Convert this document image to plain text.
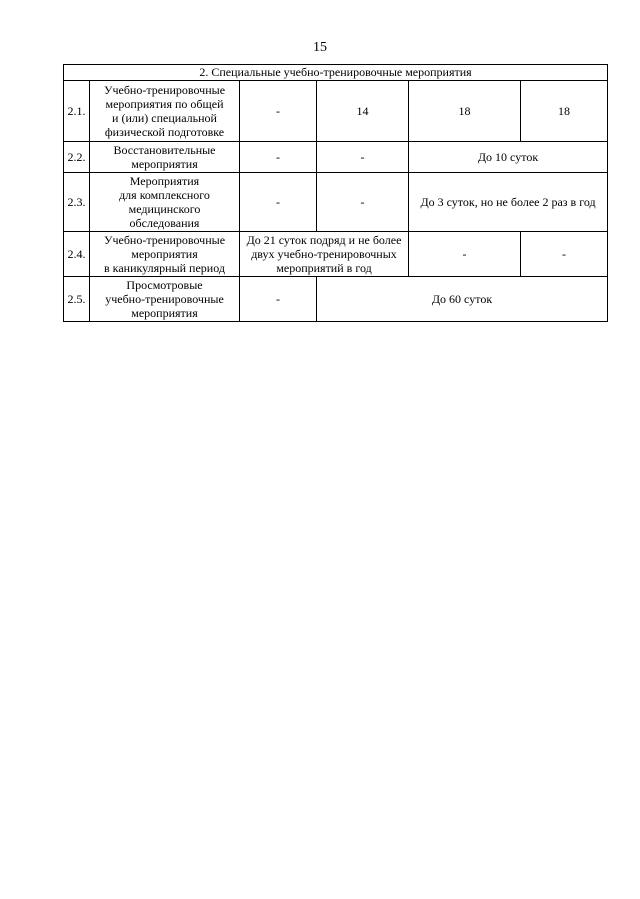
15
2. Специальные учебно-тренировочные мероприятия					
2.1.	Учебно-тренировочные
мероприятия по общей
и (или) специальной
физической подготовке	-	14	18	18
2.2.	Восстановительные
мероприятия	-	-	До 10 суток	
2.3.	Мероприятия
для комплексного
медицинского
обследования	-	-	До 3 суток, но не более 2 раз в год	
2.4.	Учебно-тренировочные
мероприятия
в каникулярный период	До 21 суток подряд и не более
двух учебно-тренировочных
мероприятий в год		-	-
2.5.	Просмотровые
учебно-тренировочные
мероприятия	-	До 60 суток		
